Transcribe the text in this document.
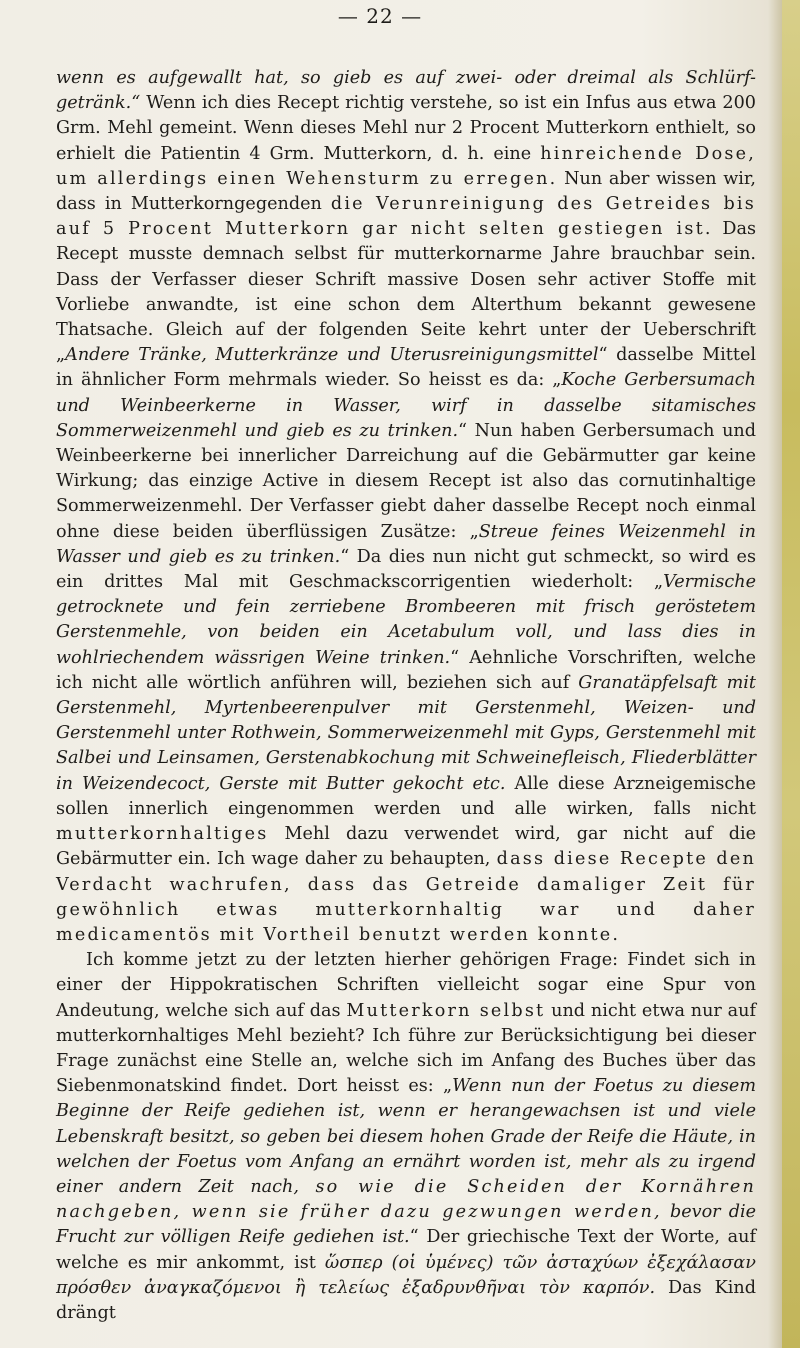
— 22 —

wenn es aufgewallt hat, so gieb es auf zwei- oder dreimal als Schlürf-getränk.“ Wenn ich dies Recept richtig verstehe, so ist ein Infus aus etwa 200 Grm. Mehl gemeint. Wenn dieses Mehl nur 2 Procent Mutterkorn enthielt, so erhielt die Patientin 4 Grm. Mutterkorn, d. h. eine hinreichende Dose, um allerdings einen Wehensturm zu erregen. Nun aber wissen wir, dass in Mutterkorngegenden die Verunreinigung des Getreides bis auf 5 Procent Mutterkorn gar nicht selten gestiegen ist. Das Recept musste demnach selbst für mutterkornarme Jahre brauchbar sein. Dass der Verfasser dieser Schrift massive Dosen sehr activer Stoffe mit Vorliebe anwandte, ist eine schon dem Alterthum bekannt gewesene Thatsache. Gleich auf der folgenden Seite kehrt unter der Ueberschrift „Andere Tränke, Mutterkränze und Uterusreinigungsmittel“ dasselbe Mittel in ähnlicher Form mehrmals wieder. So heisst es da: „Koche Gerbersumach und Weinbeerkerne in Wasser, wirf in dasselbe sitamisches Sommerweizenmehl und gieb es zu trinken.“ Nun haben Gerbersumach und Weinbeerkerne bei innerlicher Darreichung auf die Gebärmutter gar keine Wirkung; das einzige Active in diesem Recept ist also das cornutinhaltige Sommerweizenmehl. Der Verfasser giebt daher dasselbe Recept noch einmal ohne diese beiden überflüssigen Zusätze: „Streue feines Weizenmehl in Wasser und gieb es zu trinken.“ Da dies nun nicht gut schmeckt, so wird es ein drittes Mal mit Geschmackscorrigentien wiederholt: „Vermische getrocknete und fein zerriebene Brombeeren mit frisch geröstetem Gerstenmehle, von beiden ein Acetabulum voll, und lass dies in wohlriechendem wässrigen Weine trinken.“ Aehnliche Vorschriften, welche ich nicht alle wörtlich anführen will, beziehen sich auf Granatäpfelsaft mit Gerstenmehl, Myrtenbeerenpulver mit Gerstenmehl, Weizen- und Gerstenmehl unter Rothwein, Sommerweizenmehl mit Gyps, Gerstenmehl mit Salbei und Leinsamen, Gerstenabkochung mit Schweinefleisch, Fliederblätter in Weizendecoct, Gerste mit Butter gekocht etc. Alle diese Arzneigemische sollen innerlich eingenommen werden und alle wirken, falls nicht mutterkornhaltiges Mehl dazu verwendet wird, gar nicht auf die Gebärmutter ein. Ich wage daher zu behaupten, dass diese Recepte den Verdacht wachrufen, dass das Getreide damaliger Zeit für gewöhnlich etwas mutterkornhaltig war und daher medicamentös mit Vortheil benutzt werden konnte.

Ich komme jetzt zu der letzten hierher gehörigen Frage: Findet sich in einer der Hippokratischen Schriften vielleicht sogar eine Spur von Andeutung, welche sich auf das Mutterkorn selbst und nicht etwa nur auf mutterkornhaltiges Mehl bezieht? Ich führe zur Berücksichtigung bei dieser Frage zunächst eine Stelle an, welche sich im Anfang des Buches über das Siebenmonatskind findet. Dort heisst es: „Wenn nun der Foetus zu diesem Beginne der Reife gediehen ist, wenn er herangewachsen ist und viele Lebenskraft besitzt, so geben bei diesem hohen Grade der Reife die Häute, in welchen der Foetus vom Anfang an ernährt worden ist, mehr als zu irgend einer andern Zeit nach, so wie die Scheiden der Kornähren nachgeben, wenn sie früher dazu gezwungen werden, bevor die Frucht zur völligen Reife gediehen ist.“ Der griechische Text der Worte, auf welche es mir ankommt, ist ὥσπερ (οἱ ὑμένες) τῶν ἀσταχύων ἐξεχάλασαν πρόσθεν ἀναγκαζόμενοι ἢ τελείως ἐξαδρυνθῆναι τὸν καρπόν. Das Kind drängt
